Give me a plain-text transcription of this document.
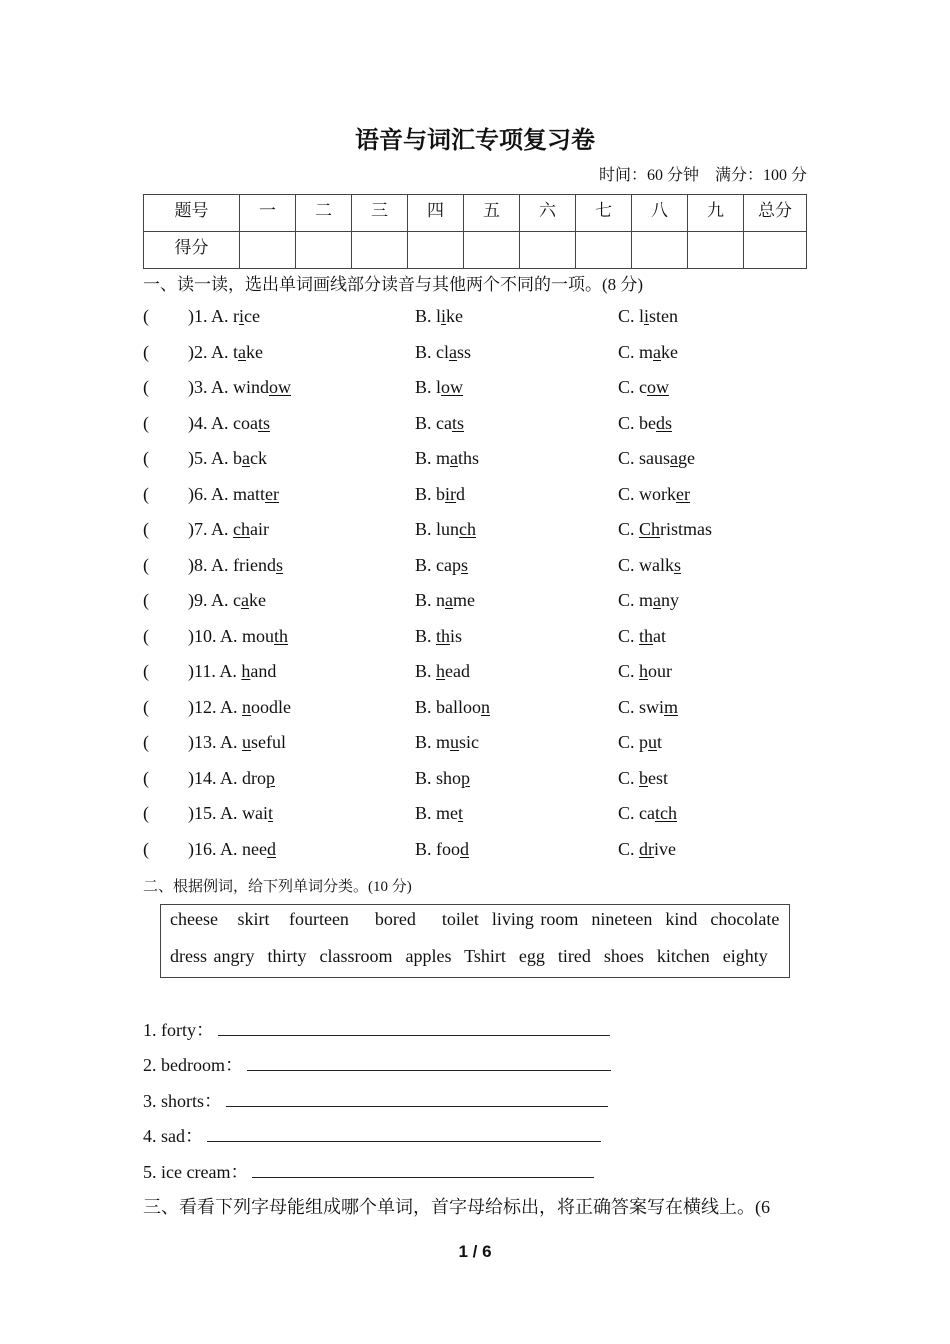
语音与词汇专项复习卷
时间：60 分钟　满分：100 分
题号	一	二	三	四	五	六	七	八	九	总分
得分										
一、读一读，选出单词画线部分读音与其他两个不同的一项。(8 分)
( )1. A. rice	B. like	C. listen
( )2. A. take	B. class	C. make
( )3. A. window	B. low	C. cow
( )4. A. coats	B. cats	C. beds
( )5. A. back	B. maths	C. sausage
( )6. A. matter	B. bird	C. worker
( )7. A. chair	B. lunch	C. Christmas
( )8. A. friends	B. caps	C. walks
( )9. A. cake	B. name	C. many
( )10. A. mouth	B. this	C. that
( )11. A. hand	B. head	C. hour
( )12. A. noodle	B. balloon	C. swim
( )13. A. useful	B. music	C. put
( )14. A. drop	B. shop	C. best
( )15. A. wait	B. met	C. catch
( )16. A. need	B. food	C. drive
二、根据例词，给下列单词分类。(10 分)
cheese   skirt   fourteen    bored    toilet  living room  nineteen  kind  chocolate
dress angry  thirty  classroom  apples  Tshirt  egg  tired  shoes  kitchen  eighty
1. forty：
2. bedroom：
3. shorts：
4. sad：
5. ice cream：
三、看看下列字母能组成哪个单词，首字母给标出，将正确答案写在横线上。(6
1 / 6
